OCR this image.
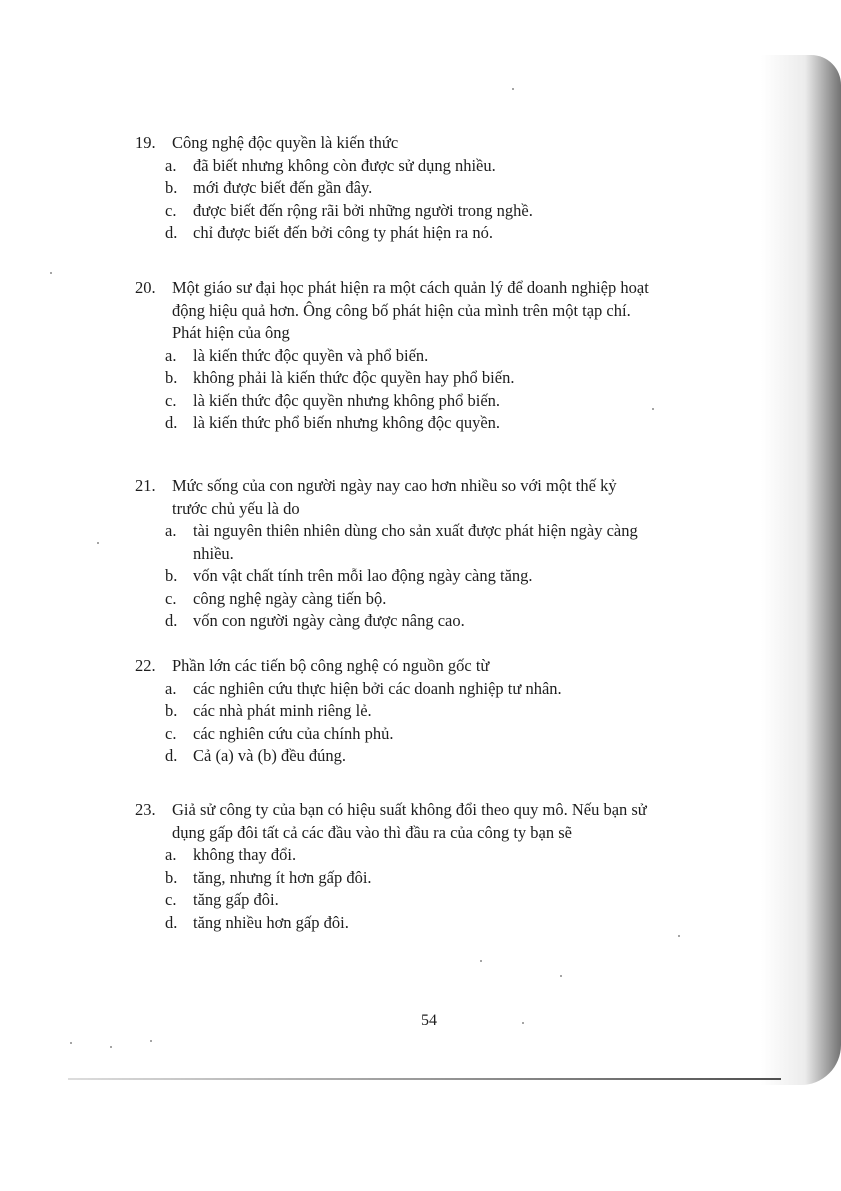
19. Công nghệ độc quyền là kiến thức

a.	đã biết nhưng không còn được sử dụng nhiều.
b. mới được biết đến gần đây.
c.	được biết đến rộng rãi bởi những người trong nghề.
d. chỉ được biết đến bởi công ty phát hiện ra nó.
20. Một giáo sư đại học phát hiện ra một cách quản lý để doanh nghiệp hoạt

động hiệu quả hơn. Ông công bố phát hiện của mình trên một tạp chí.

Phát hiện của ông

a.	là kiến thức độc quyền và phổ biến.
b. không phải là kiến thức độc quyền hay phổ biến.
c.	là kiến thức độc quyền nhưng không phổ biến.
d. là kiến thức phổ biến nhưng không độc quyền.
21. Mức sống của con người ngày nay cao hơn nhiều so với một thế kỷ

trước chủ yếu là do

a.	tài nguyên thiên nhiên dùng cho sản xuất được phát hiện ngày càng
nhiều.
b. vốn vật chất tính trên mỗi lao động ngày càng tăng.
c.	công nghệ ngày càng tiến bộ.
d. vốn con người ngày càng được nâng cao.
22. Phần lớn các tiến bộ công nghệ có nguồn gốc từ

a.	các nghiên cứu thực hiện bởi các doanh nghiệp tư nhân.
b. các nhà phát minh riêng lẻ.
c.	các nghiên cứu của chính phủ.
d. Cả (a) và (b) đều đúng.
23. Giả sử công ty của bạn có hiệu suất không đổi theo quy mô. Nếu bạn sử

dụng gấp đôi tất cả các đầu vào thì đầu ra của công ty bạn sẽ

a.	không thay đổi.
b. tăng, nhưng ít hơn gấp đôi.
c.	tăng gấp đôi.
d. tăng nhiều hơn gấp đôi.
54
